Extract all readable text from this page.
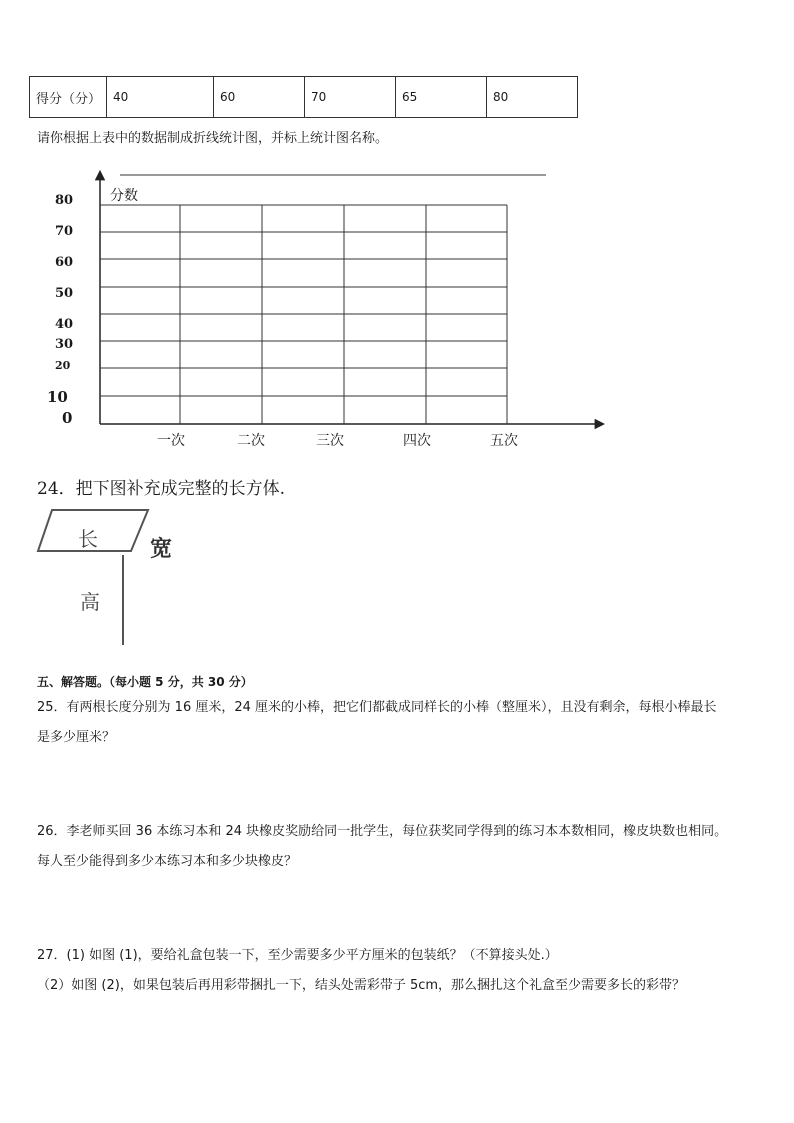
得分（分）	40	60	70	65	80
请你根据上表中的数据制成折线统计图，并标上统计图名称。
分数
80
70
60
50
40
30
20
10
0
一次	二次	三次	四次	五次
24．把下图补充成完整的长方体.
长 宽
高
五、解答题。（每小题 5 分，共 30 分）

25．有两根长度分别为 16 厘米，24 厘米的小棒，把它们都截成同样长的小棒（整厘米），且没有剩余，每根小棒最长

是多少厘米？

26．李老师买回 36 本练习本和 24 块橡皮奖励给同一批学生，每位获奖同学得到的练习本本数相同，橡皮块数也相同。

每人至少能得到多少本练习本和多少块橡皮？

27．(1) 如图 (1)，要给礼盒包装一下，至少需要多少平方厘米的包装纸？（不算接头处.）

（2）如图 (2)，如果包装后再用彩带捆扎一下，结头处需彩带子 5cm，那么捆扎这个礼盒至少需要多长的彩带？
